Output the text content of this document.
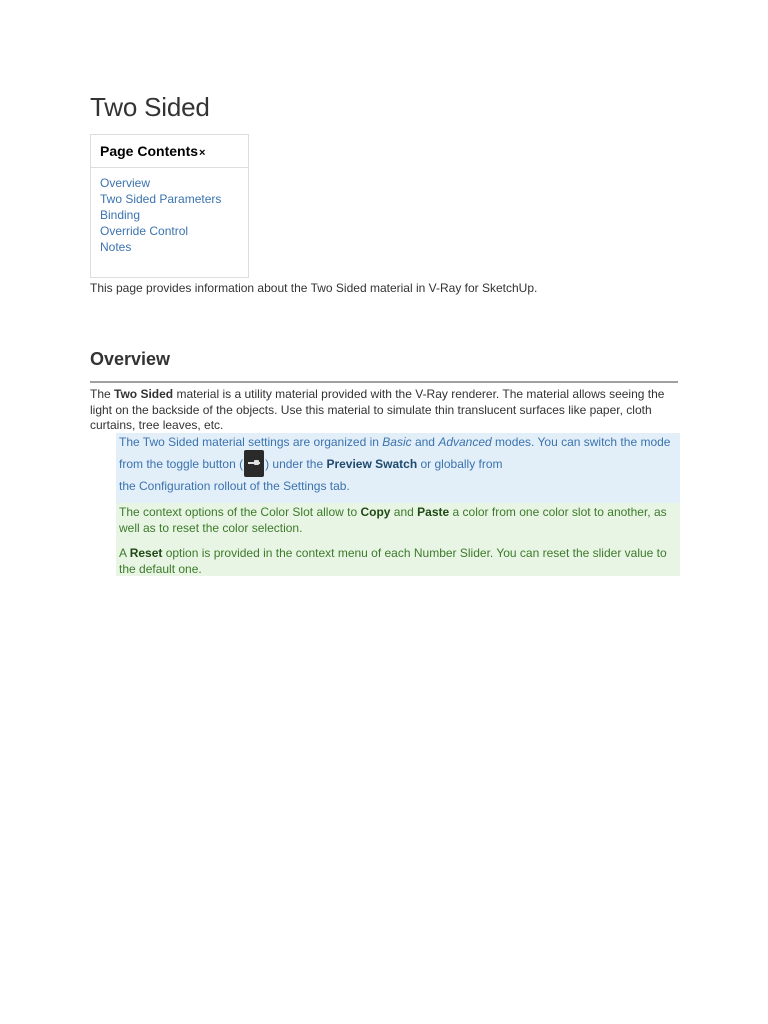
Two Sided
Page Contents×
Overview
Two Sided Parameters
Binding
Override Control
Notes
This page provides information about the Two Sided material in V-Ray for SketchUp.
Overview
The Two Sided material is a utility material provided with the V-Ray renderer. The material allows seeing the light on the backside of the objects. Use this material to simulate thin translucent surfaces like paper, cloth curtains, tree leaves, etc.
The Two Sided material settings are organized in Basic and Advanced modes. You can switch the mode from the toggle button ( ) under the Preview Swatch or globally from
the Configuration rollout of the Settings tab.

The context options of the Color Slot allow to Copy and Paste a color from one color slot to another, as well as to reset the color selection.

A Reset option is provided in the context menu of each Number Slider. You can reset the slider value to the default one.
